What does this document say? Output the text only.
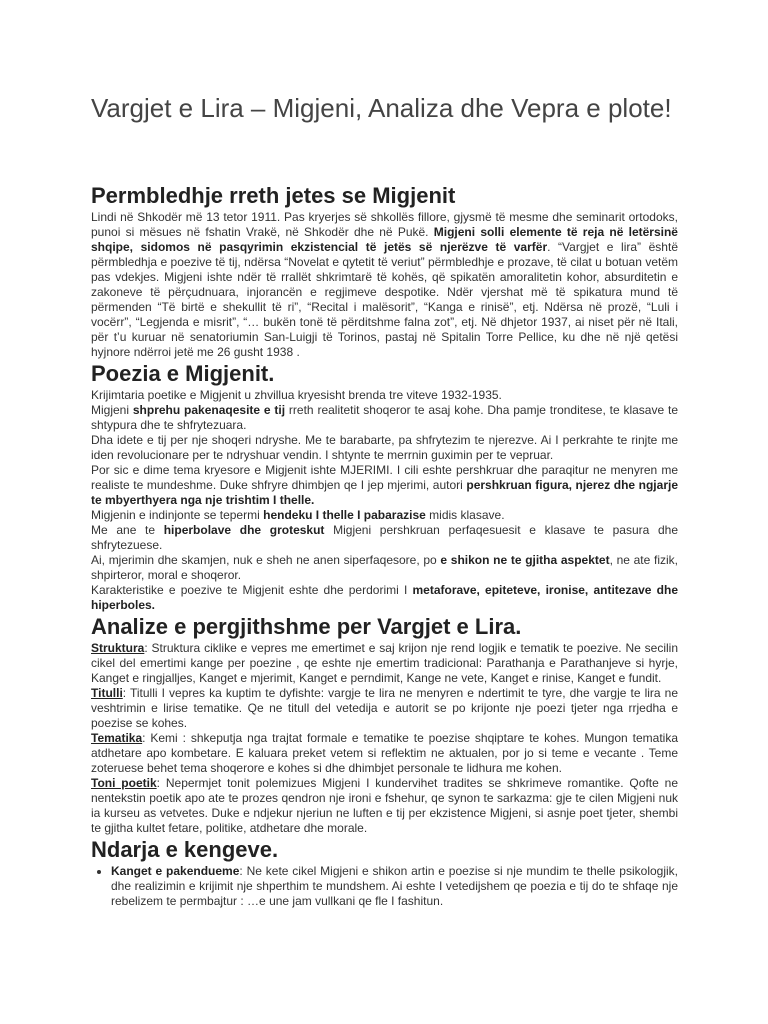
Vargjet e Lira – Migjeni, Analiza dhe Vepra e plote!
Permbledhje rreth jetes se Migjenit

Lindi në Shkodër më 13 tetor 1911. Pas kryerjes së shkollës fillore, gjysmë të mesme dhe seminarit ortodoks, punoi si mësues në fshatin Vrakë, në Shkodër dhe në Pukë. Migjeni solli elemente të reja në letërsinë shqipe, sidomos në pasqyrimin ekzistencial të jetës së njerëzve të varfër. “Vargjet e lira” është përmbledhja e poezive të tij, ndërsa “Novelat e qytetit të veriut” përmbledhje e prozave, të cilat u botuan vetëm pas vdekjes. Migjeni ishte ndër të rrallët shkrimtarë të kohës, që spikatën amoralitetin kohor, absurditetin e zakoneve të përçudnuara, injorancën e regjimeve despotike. Ndër vjershat më të spikatura mund të përmenden “Të birtë e shekullit të ri”, “Recital i malësorit”, “Kanga e rinisë”, etj. Ndërsa në prozë, “Luli i vocërr”, “Legjenda e misrit”, “… bukën tonë të përditshme falna zot”, etj. Në dhjetor 1937, ai niset për në Itali, për t’u kuruar në senatoriumin San-Luigji të Torinos, pastaj në Spitalin Torre Pellice, ku dhe në një qetësi hyjnore ndërroi jetë me 26 gusht 1938 .

Poezia e Migjenit.

Krijimtaria poetike e Migjenit u zhvillua kryesisht brenda tre viteve 1932-1935.

Migjeni shprehu pakenaqesite e tij rreth realitetit shoqeror te asaj kohe. Dha pamje tronditese, te klasave te shtypura dhe te shfrytezuara.

Dha idete e tij per nje shoqeri ndryshe. Me te barabarte, pa shfrytezim te njerezve. Ai I perkrahte te rinjte me iden revolucionare per te ndryshuar vendin. I shtynte te merrnin guximin per te vepruar.

Por sic e dime tema kryesore e Migjenit ishte MJERIMI. I cili eshte pershkruar dhe paraqitur ne menyren me realiste te mundeshme. Duke shfryre dhimbjen qe I jep mjerimi, autori pershkruan figura, njerez dhe ngjarje te mbyerthyera nga nje trishtim I thelle.

Migjenin e indinjonte se tepermi hendeku I thelle I pabarazise midis klasave.

Me ane te hiperbolave dhe groteskut Migjeni pershkruan perfaqesuesit e klasave te pasura dhe shfrytezuese.

Ai, mjerimin dhe skamjen, nuk e sheh ne anen siperfaqesore, po e shikon ne te gjitha aspektet, ne ate fizik, shpirteror, moral e shoqeror.

Karakteristike e poezive te Migjenit eshte dhe perdorimi I metaforave, epiteteve, ironise, antitezave dhe hiperboles.

Analize e pergjithshme per Vargjet e Lira.

Struktura: Struktura ciklike e vepres me emertimet e saj krijon nje rend logjik e tematik te poezive. Ne secilin cikel del emertimi kange per poezine , qe eshte nje emertim tradicional: Parathanja e Parathanjeve si hyrje, Kanget e ringjalljes, Kanget e mjerimit, Kanget e perndimit, Kange ne vete, Kanget e rinise, Kanget e fundit.

Titulli: Titulli I vepres ka kuptim te dyfishte: vargje te lira ne menyren e ndertimit te tyre, dhe vargje te lira ne veshtrimin e lirise tematike. Qe ne titull del vetedija e autorit se po krijonte nje poezi tjeter nga rrjedha e poezise se kohes.

Tematika: Kemi : shkeputja nga trajtat formale e tematike te poezise shqiptare te kohes. Mungon tematika atdhetare apo kombetare. E kaluara preket vetem si reflektim ne aktualen, por jo si teme e vecante . Teme zoteruese behet tema shoqerore e kohes si dhe dhimbjet personale te lidhura me kohen.

Toni poetik: Nepermjet tonit polemizues Migjeni I kundervihet tradites se shkrimeve romantike. Qofte ne nentekstin poetik apo ate te prozes qendron nje ironi e fshehur, qe synon te sarkazma: gje te cilen Migjeni nuk ia kurseu as vetvetes. Duke e ndjekur njeriun ne luften e tij per ekzistence Migjeni, si asnje poet tjeter, shembi te gjitha kultet fetare, politike, atdhetare dhe morale.

Ndarja e kengeve.
• Kanget e pakendueme: Ne kete cikel Migjeni e shikon artin e poezise si nje mundim te thelle psikologjik, dhe realizimin e krijimit nje shperthim te mundshem. Ai eshte I vetedijshem qe poezia e tij do te shfaqe nje rebelizem te permbajtur : …e une jam vullkani qe fle I fashitun.
